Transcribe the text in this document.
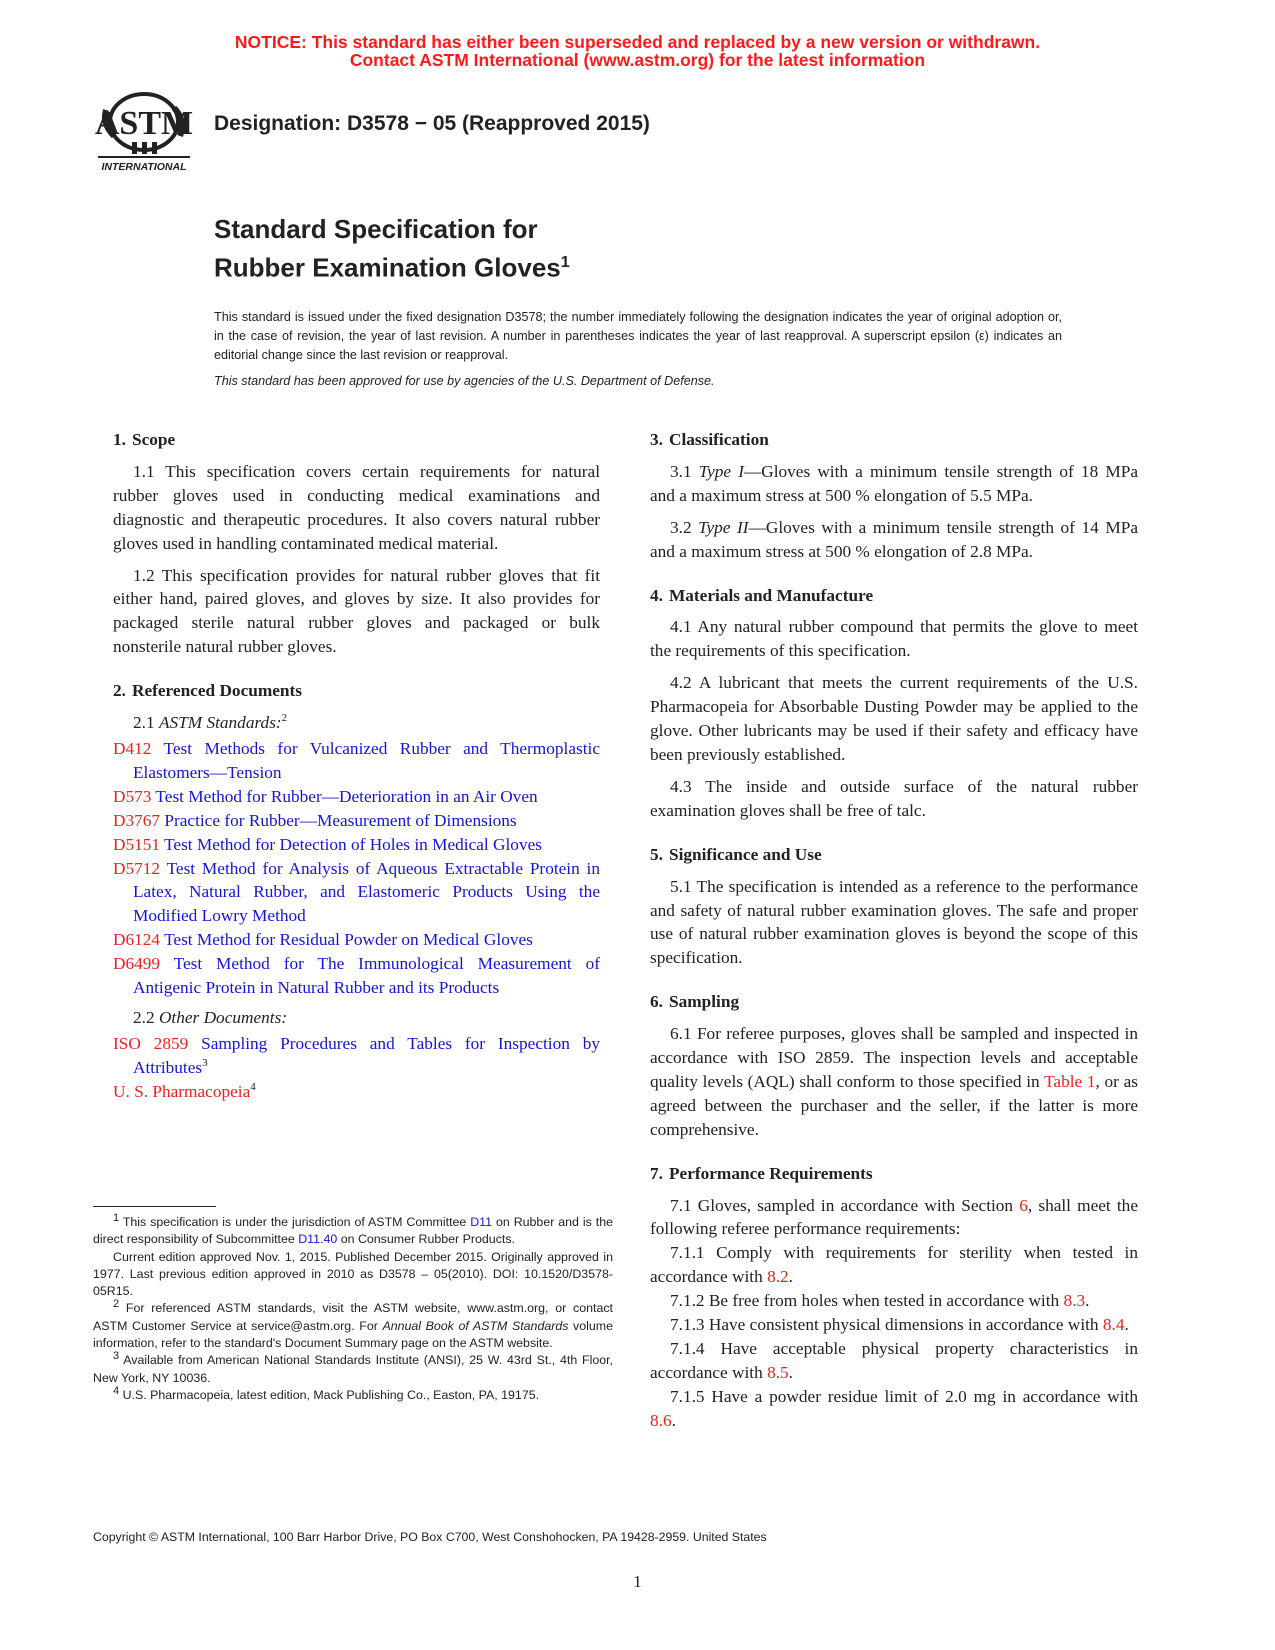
NOTICE: This standard has either been superseded and replaced by a new version or withdrawn.
Contact ASTM International (www.astm.org) for the latest information
ASTM
INTERNATIONAL
Designation: D3578 − 05 (Reapproved 2015)
Standard Specification for
Rubber Examination Gloves$^1$
This standard is issued under the fixed designation D3578; the number immediately following the designation indicates the year of original adoption or, in the case of revision, the year of last revision. A number in parentheses indicates the year of last reapproval. A superscript epsilon (ε) indicates an editorial change since the last revision or reapproval.
This standard has been approved for use by agencies of the U.S. Department of Defense.
1. Scope

1.1 This specification covers certain requirements for natural rubber gloves used in conducting medical examinations and diagnostic and therapeutic procedures. It also covers natural rubber gloves used in handling contaminated medical material.

1.2 This specification provides for natural rubber gloves that fit either hand, paired gloves, and gloves by size. It also provides for packaged sterile natural rubber gloves and packaged or bulk nonsterile natural rubber gloves.

2. Referenced Documents
2.1 ASTM Standards:$^2$
D412 Test Methods for Vulcanized Rubber and Thermoplastic Elastomers—Tension
D573 Test Method for Rubber—Deterioration in an Air Oven
D3767 Practice for Rubber—Measurement of Dimensions
D5151 Test Method for Detection of Holes in Medical Gloves
D5712 Test Method for Analysis of Aqueous Extractable Protein in Latex, Natural Rubber, and Elastomeric Products Using the Modified Lowry Method
D6124 Test Method for Residual Powder on Medical Gloves
D6499 Test Method for The Immunological Measurement of Antigenic Protein in Natural Rubber and its Products
2.2 Other Documents:
ISO 2859 Sampling Procedures and Tables for Inspection by Attributes$^3$
U. S. Pharmacopeia$^4$
3. Classification

3.1 Type I—Gloves with a minimum tensile strength of 18 MPa and a maximum stress at 500 % elongation of 5.5 MPa.

3.2 Type II—Gloves with a minimum tensile strength of 14 MPa and a maximum stress at 500 % elongation of 2.8 MPa.

4. Materials and Manufacture

4.1 Any natural rubber compound that permits the glove to meet the requirements of this specification.

4.2 A lubricant that meets the current requirements of the U.S. Pharmacopeia for Absorbable Dusting Powder may be applied to the glove. Other lubricants may be used if their safety and efficacy have been previously established.

4.3 The inside and outside surface of the natural rubber examination gloves shall be free of talc.

5. Significance and Use

5.1 The specification is intended as a reference to the performance and safety of natural rubber examination gloves. The safe and proper use of natural rubber examination gloves is beyond the scope of this specification.

6. Sampling

6.1 For referee purposes, gloves shall be sampled and inspected in accordance with ISO 2859. The inspection levels and acceptable quality levels (AQL) shall conform to those specified in Table 1, or as agreed between the purchaser and the seller, if the latter is more comprehensive.

7. Performance Requirements

7.1 Gloves, sampled in accordance with Section 6, shall meet the following referee performance requirements:

7.1.1 Comply with requirements for sterility when tested in accordance with 8.2.

7.1.2 Be free from holes when tested in accordance with 8.3.

7.1.3 Have consistent physical dimensions in accordance with 8.4.

7.1.4 Have acceptable physical property characteristics in accordance with 8.5.

7.1.5 Have a powder residue limit of 2.0 mg in accordance with 8.6.

$^1$ This specification is under the jurisdiction of ASTM Committee D11 on Rubber and is the direct responsibility of Subcommittee D11.40 on Consumer Rubber Products.

Current edition approved Nov. 1, 2015. Published December 2015. Originally approved in 1977. Last previous edition approved in 2010 as D3578 – 05(2010). DOI: 10.1520/D3578-05R15.

$^2$ For referenced ASTM standards, visit the ASTM website, www.astm.org, or contact ASTM Customer Service at service@astm.org. For Annual Book of ASTM Standards volume information, refer to the standard's Document Summary page on the ASTM website.

$^3$ Available from American National Standards Institute (ANSI), 25 W. 43rd St., 4th Floor, New York, NY 10036.

$^4$ U.S. Pharmacopeia, latest edition, Mack Publishing Co., Easton, PA, 19175.

Copyright © ASTM International, 100 Barr Harbor Drive, PO Box C700, West Conshohocken, PA 19428-2959. United States
1
